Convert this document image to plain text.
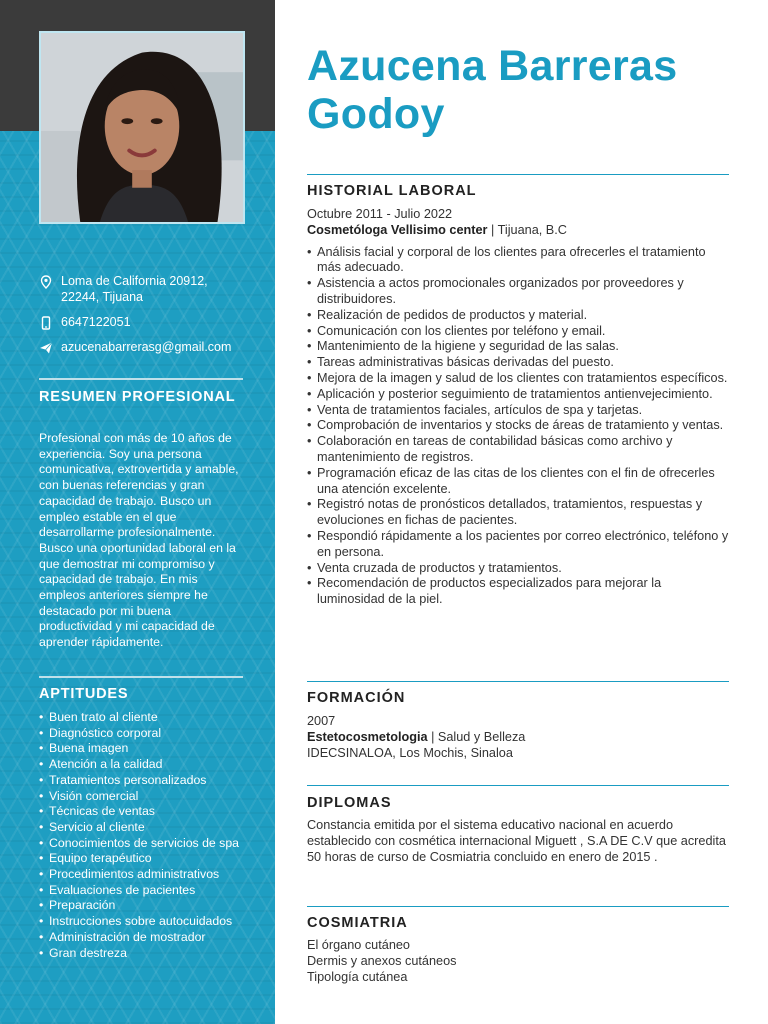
Loma de California 20912, 22244, Tijuana
6647122051
azucenabarrerasg@gmail.com
RESUMEN PROFESIONAL
Profesional con más de 10 años de experiencia. Soy una persona comunicativa, extrovertida y amable, con buenas referencias y gran capacidad de trabajo. Busco un empleo estable en el que desarrollarme profesionalmente. Busco una oportunidad laboral en la que demostrar mi compromiso y capacidad de trabajo. En mis empleos anteriores siempre he destacado por mi buena productividad y mi capacidad de aprender rápidamente.
APTITUDES
• Buen trato al cliente
• Diagnóstico corporal
• Buena imagen
• Atención a la calidad
• Tratamientos personalizados
• Visión comercial
• Técnicas de ventas
• Servicio al cliente
• Conocimientos de servicios de spa
• Equipo terapéutico
• Procedimientos administrativos
• Evaluaciones de pacientes
• Preparación
• Instrucciones sobre autocuidados
• Administración de mostrador
• Gran destreza
Azucena Barreras Godoy
HISTORIAL LABORAL
Octubre 2011 - Julio 2022
Cosmetóloga Vellisimo center | Tijuana, B.C
• Análisis facial y corporal de los clientes para ofrecerles el tratamiento más adecuado.
• Asistencia a actos promocionales organizados por proveedores y distribuidores.
• Realización de pedidos de productos y material.
• Comunicación con los clientes por teléfono y email.
• Mantenimiento de la higiene y seguridad de las salas.
• Tareas administrativas básicas derivadas del puesto.
• Mejora de la imagen y salud de los clientes con tratamientos específicos.
• Aplicación y posterior seguimiento de tratamientos antienvejecimiento.
• Venta de tratamientos faciales, artículos de spa y tarjetas.
• Comprobación de inventarios y stocks de áreas de tratamiento y ventas.
• Colaboración en tareas de contabilidad básicas como archivo y mantenimiento de registros.
• Programación eficaz de las citas de los clientes con el fin de ofrecerles una atención excelente.
• Registró notas de pronósticos detallados, tratamientos, respuestas y evoluciones en fichas de pacientes.
• Respondió rápidamente a los pacientes por correo electrónico, teléfono y en persona.
• Venta cruzada de productos y tratamientos.
• Recomendación de productos especializados para mejorar la luminosidad de la piel.
FORMACIÓN
2007
Estetocosmetologia | Salud y Belleza
IDECSINALOA, Los Mochis, Sinaloa
DIPLOMAS
Constancia emitida por el sistema educativo nacional en acuerdo establecido con cosmética internacional Miguett , S.A DE C.V que acredita 50 horas de curso de Cosmiatria concluido en enero de 2015 .
COSMIATRIA
El órgano cutáneo
Dermis y anexos cutáneos
Tipología cutánea
